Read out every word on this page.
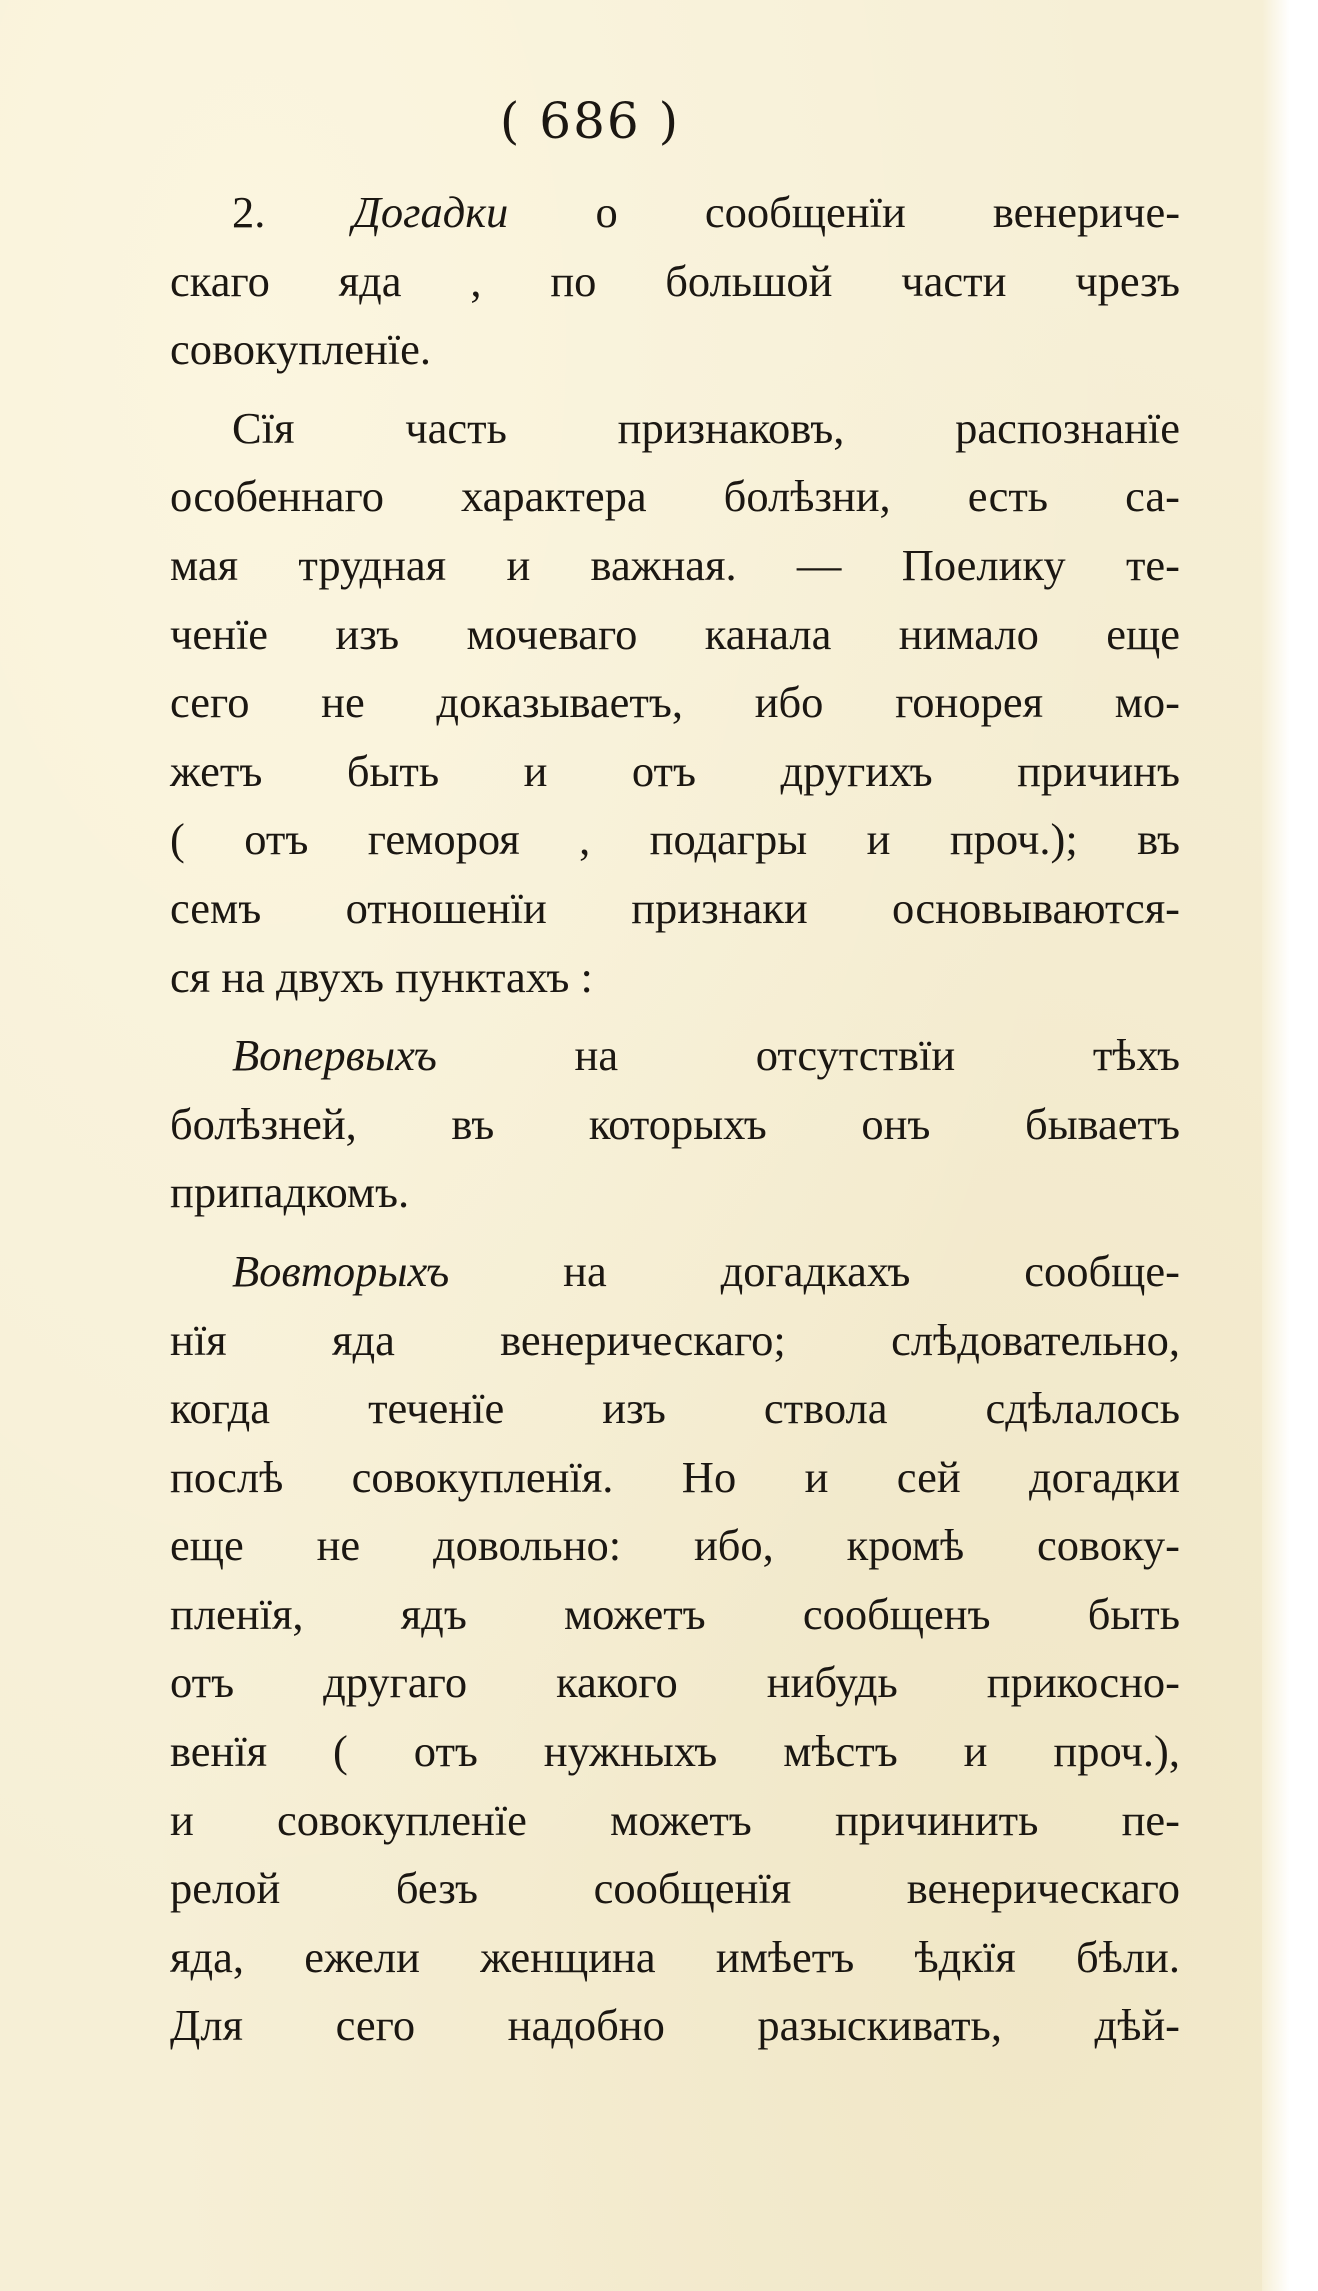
( 686 )
2. Догадки о сообщенїи венериче-
скаго яда , по большой части чрезъ
совокупленїе.
Сїя часть признаковъ, распознанїе
особеннаго характера болѣзни, есть са-
мая трудная и важная. — Поелику те-
ченїе изъ мочеваго канала нимало еще
сего не доказываетъ, ибо гонорея мо-
жетъ быть и отъ другихъ причинъ
( отъ гемороя , подагры и проч.); въ
семъ отношенїи признаки основываются-
ся на двухъ пунктахъ :
Вопервыхъ на отсутствїи тѣхъ
болѣзней, въ которыхъ онъ бываетъ
припадкомъ.
Вовторыхъ на догадкахъ сообще-
нїя яда венерическаго; слѣдовательно,
когда теченїе изъ ствола сдѣлалось
послѣ совокупленїя. Но и сей догадки
еще не довольно: ибо, кромѣ совоку-
пленїя, ядъ можетъ сообщенъ быть
отъ другаго какого нибудь прикосно-
венїя ( отъ нужныхъ мѣстъ и проч.),
и совокупленїе можетъ причинить пе-
релой безъ сообщенїя венерическаго
яда, ежели женщина имѣетъ ѣдкїя бѣли.
Для сего надобно разыскивать, дѣй-
